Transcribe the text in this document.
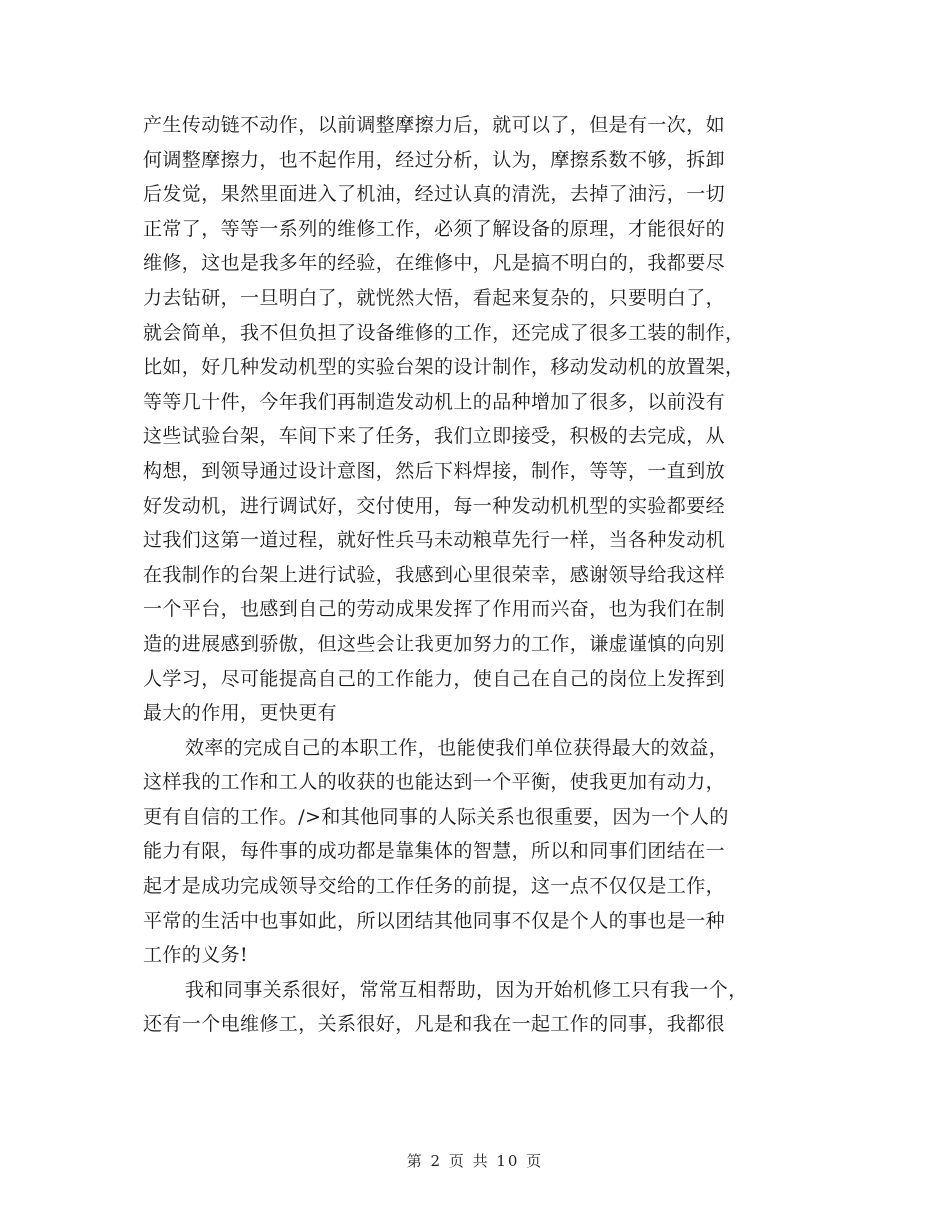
产生传动链不动作，以前调整摩擦力后，就可以了，但是有一次，如
何调整摩擦力，也不起作用，经过分析，认为，摩擦系数不够，拆卸
后发觉，果然里面进入了机油，经过认真的清洗，去掉了油污，一切
正常了，等等一系列的维修工作，必须了解设备的原理，才能很好的
维修，这也是我多年的经验，在维修中，凡是搞不明白的，我都要尽
力去钻研，一旦明白了，就恍然大悟，看起来复杂的，只要明白了，
就会简单，我不但负担了设备维修的工作，还完成了很多工装的制作，
比如，好几种发动机型的实验台架的设计制作，移动发动机的放置架，
等等几十件，今年我们再制造发动机上的品种增加了很多，以前没有
这些试验台架，车间下来了任务，我们立即接受，积极的去完成，从
构想，到领导通过设计意图，然后下料焊接，制作，等等，一直到放
好发动机，进行调试好，交付使用，每一种发动机机型的实验都要经
过我们这第一道过程，就好性兵马未动粮草先行一样，当各种发动机
在我制作的台架上进行试验，我感到心里很荣幸，感谢领导给我这样
一个平台，也感到自己的劳动成果发挥了作用而兴奋，也为我们在制
造的进展感到骄傲，但这些会让我更加努力的工作，谦虚谨慎的向别
人学习，尽可能提高自己的工作能力，使自己在自己的岗位上发挥到
最大的作用，更快更有
效率的完成自己的本职工作，也能使我们单位获得最大的效益，
这样我的工作和工人的收获的也能达到一个平衡，使我更加有动力，
更有自信的工作。/>和其他同事的人际关系也很重要，因为一个人的
能力有限，每件事的成功都是靠集体的智慧，所以和同事们团结在一
起才是成功完成领导交给的工作任务的前提，这一点不仅仅是工作，
平常的生活中也事如此，所以团结其他同事不仅是个人的事也是一种
工作的义务!
我和同事关系很好，常常互相帮助，因为开始机修工只有我一个，
还有一个电维修工，关系很好，凡是和我在一起工作的同事，我都很
第 2 页 共 10 页
